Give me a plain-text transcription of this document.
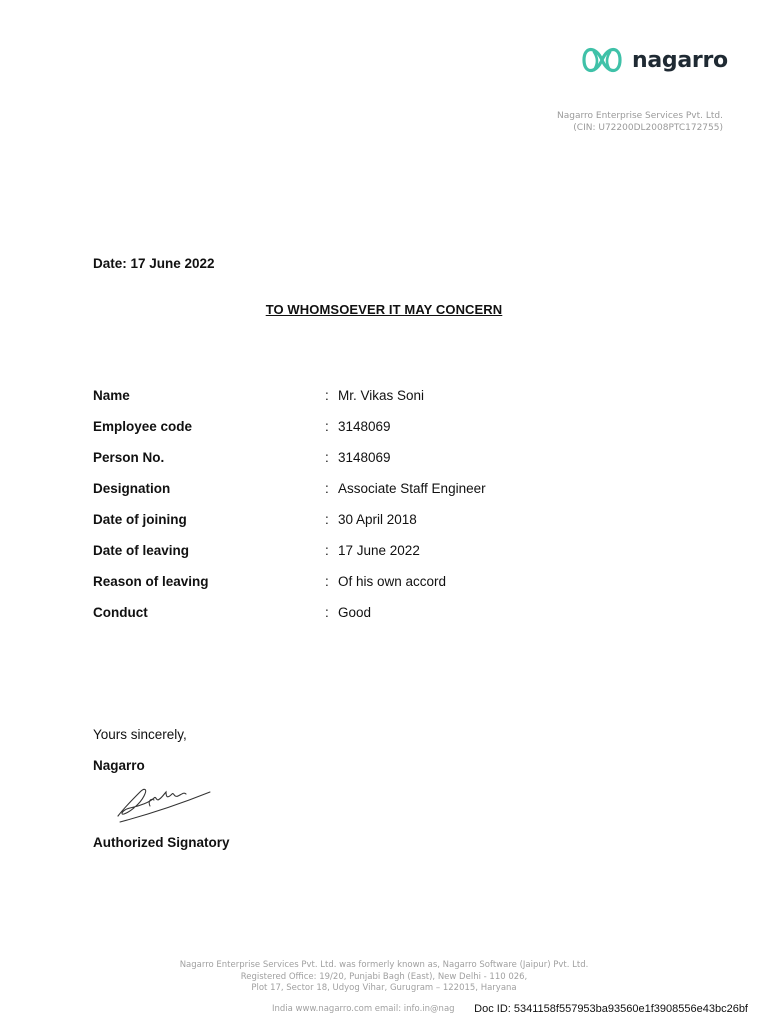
nagarro
Nagarro Enterprise Services Pvt. Ltd.
(CIN: U72200DL2008PTC172755)
Date: 17 June 2022
TO WHOMSOEVER IT MAY CONCERN
Name	: Mr. Vikas Soni
Employee code	: 3148069
Person No.	: 3148069
Designation	: Associate Staff Engineer
Date of joining	: 30 April 2018
Date of leaving	: 17 June 2022
Reason of leaving	: Of his own accord
Conduct	: Good
Yours sincerely,
Nagarro
Authorized Signatory
Nagarro Enterprise Services Pvt. Ltd. was formerly known as, Nagarro Software (Jaipur) Pvt. Ltd.
Registered Office: 19/20, Punjabi Bagh (East), New Delhi - 110 026,
Plot 17, Sector 18, Udyog Vihar, Gurugram – 122015, Haryana
India www.nagarro.com email: info.in@nag Doc ID: 5341158f557953ba93560e1f3908556e43bc26bf
